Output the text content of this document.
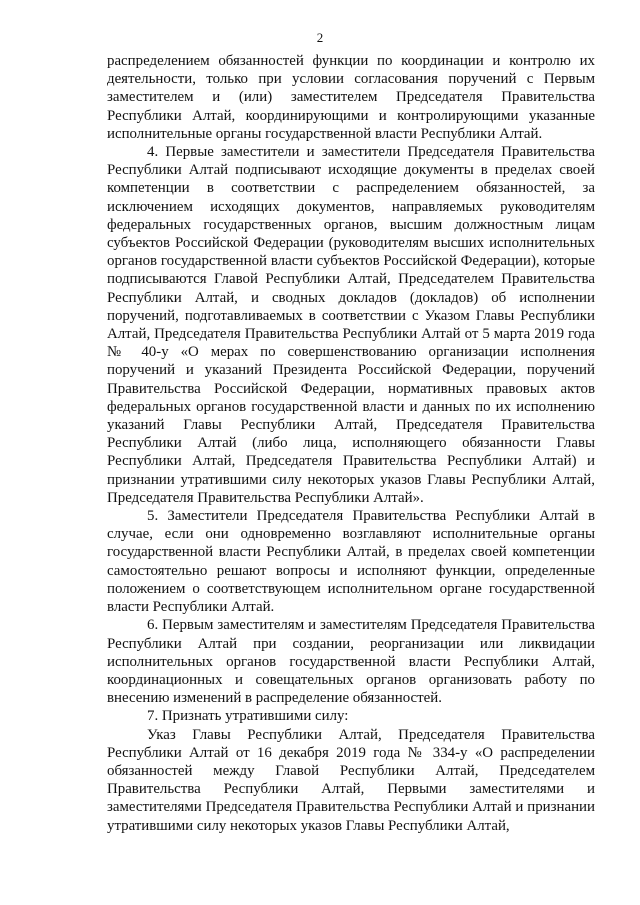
2

распределением обязанностей функции по координации и контролю их деятельности, только при условии согласования поручений с Первым заместителем и (или) заместителем Председателя Правительства Республики Алтай, координирующими и контролирующими указанные исполнительные органы государственной власти Республики Алтай.

4. Первые заместители и заместители Председателя Правительства Республики Алтай подписывают исходящие документы в пределах своей компетенции в соответствии с распределением обязанностей, за исключением исходящих документов, направляемых руководителям федеральных государственных органов, высшим должностным лицам субъектов Российской Федерации (руководителям высших исполнительных органов государственной власти субъектов Российской Федерации), которые подписываются Главой Республики Алтай, Председателем Правительства Республики Алтай, и сводных докладов (докладов) об исполнении поручений, подготавливаемых в соответствии с Указом Главы Республики Алтай, Председателя Правительства Республики Алтай от 5 марта 2019 года № 40-у «О мерах по совершенствованию организации исполнения поручений и указаний Президента Российской Федерации, поручений Правительства Российской Федерации, нормативных правовых актов федеральных органов государственной власти и данных по их исполнению указаний Главы Республики Алтай, Председателя Правительства Республики Алтай (либо лица, исполняющего обязанности Главы Республики Алтай, Председателя Правительства Республики Алтай) и признании утратившими силу некоторых указов Главы Республики Алтай, Председателя Правительства Республики Алтай».

5. Заместители Председателя Правительства Республики Алтай в случае, если они одновременно возглавляют исполнительные органы государственной власти Республики Алтай, в пределах своей компетенции самостоятельно решают вопросы и исполняют функции, определенные положением о соответствующем исполнительном органе государственной власти Республики Алтай.

6. Первым заместителям и заместителям Председателя Правительства Республики Алтай при создании, реорганизации или ликвидации исполнительных органов государственной власти Республики Алтай, координационных и совещательных органов организовать работу по внесению изменений в распределение обязанностей.

7. Признать утратившими силу:

Указ Главы Республики Алтай, Председателя Правительства Республики Алтай от 16 декабря 2019 года № 334-у «О распределении обязанностей между Главой Республики Алтай, Председателем Правительства Республики Алтай, Первыми заместителями и заместителями Председателя Правительства Республики Алтай и признании утратившими силу некоторых указов Главы Республики Алтай,
